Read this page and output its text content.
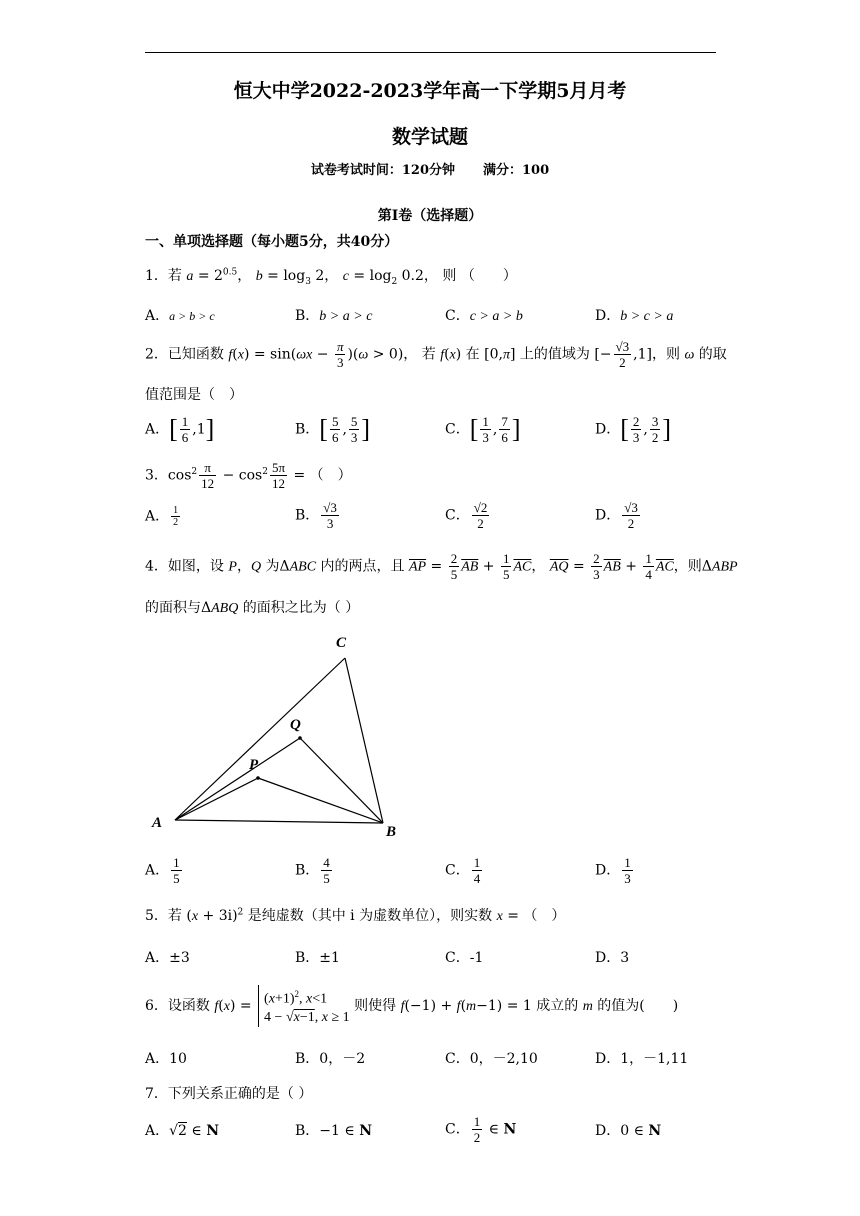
恒大中学2022-2023学年高一下学期5月月考
数学试题
试卷考试时间：120分钟 满分：100
第Ⅰ卷（选择题）
一、单项选择题（每小题5分，共40分）
1．若 $a = 2^{0.5}$， $b = \log_3 2$， $c = \log_2 0.2$， 则 （　　）
A．a > b > c	B．b > a > c	C．c > a > b	D．b > c > a
2．已知函数 $f(x) = \sin(\omega x - \frac{\pi}{3} )(\omega > 0)$， 若 f(x) 在 [0,π] 上的值域为 [− $\frac{√3}{2} ,1$]，则 ω 的取
值范围是（　）
A．[ $\frac{1}{6} ,1$]	B．[ $\frac{5}{6}$ , $\frac{5}{3}$ ]	C．[ $\frac{1}{3}$ , $\frac{7}{6}$ ]	D．[ $\frac{2}{3}$ , $\frac{3}{2}$ ]
3．$\cos^2 \frac{\pi}{12} - \cos^2 \frac{5\pi}{12}$ = （　）
A． $\frac{1}{2}$	B． $\frac{√3}{3}$	C． $\frac{√2}{2}$	D． $\frac{√3}{2}$
4．如图，设 P，Q 为ΔABC 内的两点，且 $\overline{AP} = \frac{2}{5} \overline{AB} + \frac{1}{5} \overline{AC}$， $\overline{AQ} = \frac{2}{3} \overline{AB} + \frac{1}{4} \overline{AC}$，则ΔABP
的面积与ΔABQ 的面积之比为（ ）
C
Q
P
A
B
A． $\frac{1}{5}$	B． $\frac{4}{5}$	C． $\frac{1}{4}$	D． $\frac{1}{3}$
5．若 $(x + 3i)^2$ 是纯虚数（其中 i 为虚数单位），则实数 x = （　）
A．±3	B．±1	C．-1	D．3
6．设函数 $f(x) = (x+1)^2$, x<1
4 − √x−1, x ≥ 1
则使得 f(−1) + f(m−1) = 1 成立的 m 的值为(　　)
A．10	B．0，－2	C．0，－2,10	D．1，－1,11
7．下列关系正确的是（ ）
A．√2 ∈ N	B．−1 ∈ N	C． $\frac{1}{2}$ ∈ N	D．0 ∈ N
